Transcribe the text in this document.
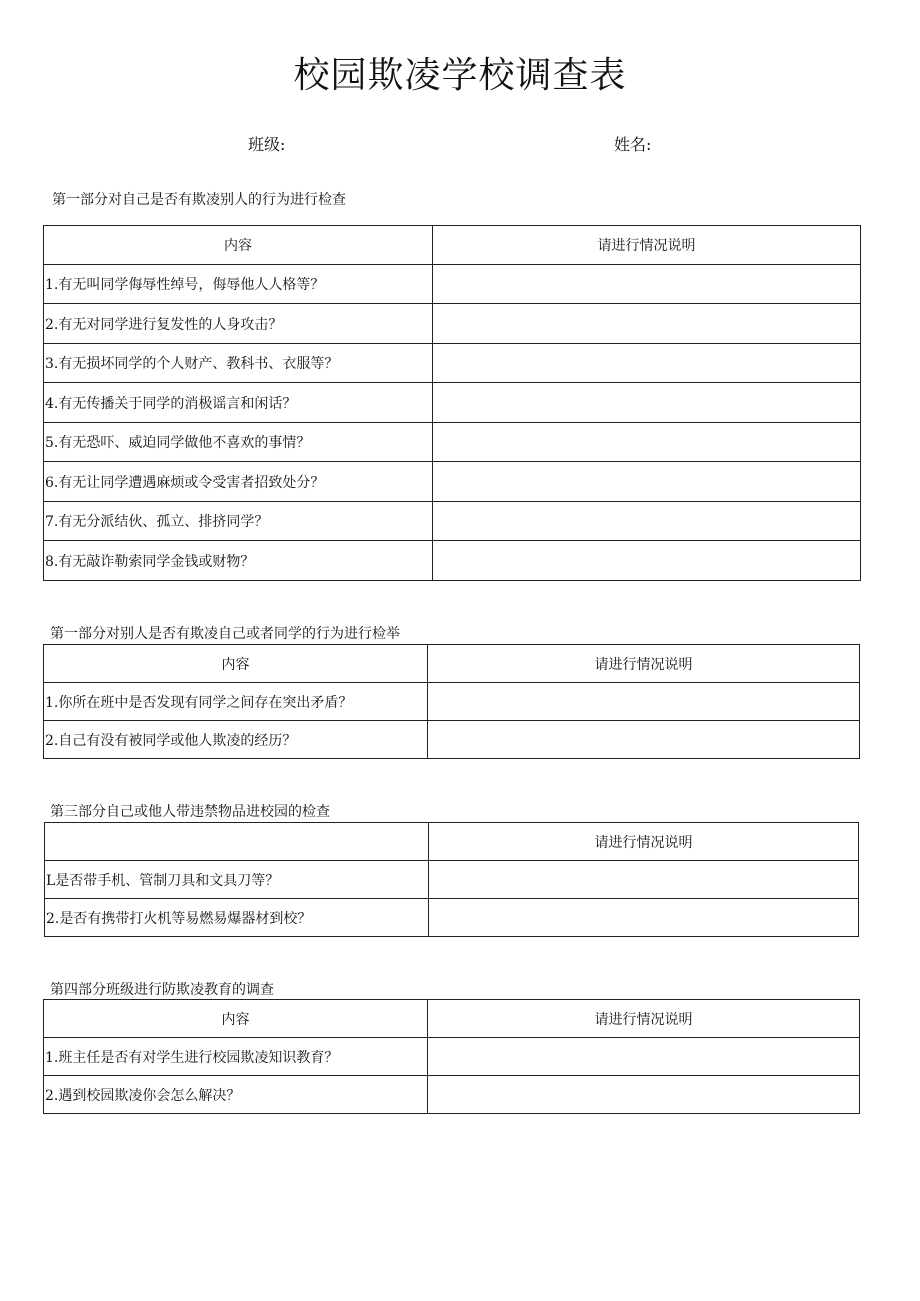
校园欺凌学校调查表
班级:	姓名:
第一部分对自己是否有欺凌别人的行为进行检查
内容	请进行情况说明
1.有无叫同学侮辱性绰号，侮辱他人人格等？	
2.有无对同学进行复发性的人身攻击？	
3.有无损坏同学的个人财产、教科书、衣服等？	
4.有无传播关于同学的消极谣言和闲话？	
5.有无恐吓、威迫同学做他不喜欢的事情？	
6.有无让同学遭遇麻烦或令受害者招致处分？	
7.有无分派结伙、孤立、排挤同学？	
8.有无敲诈勒索同学金钱或财物？	
第一部分对别人是否有欺凌自己或者同学的行为进行检举
内容	请进行情况说明
1.你所在班中是否发现有同学之间存在突出矛盾？	
2.自己有没有被同学或他人欺凌的经历？	
第三部分自己或他人带违禁物品进校园的检查
	请进行情况说明
L是否带手机、管制刀具和文具刀等？	
2.是否有携带打火机等易燃易爆器材到校？	
第四部分班级进行防欺凌教育的调查
内容	请进行情况说明
1.班主任是否有对学生进行校园欺凌知识教育？	
2.遇到校园欺凌你会怎么解决？	
